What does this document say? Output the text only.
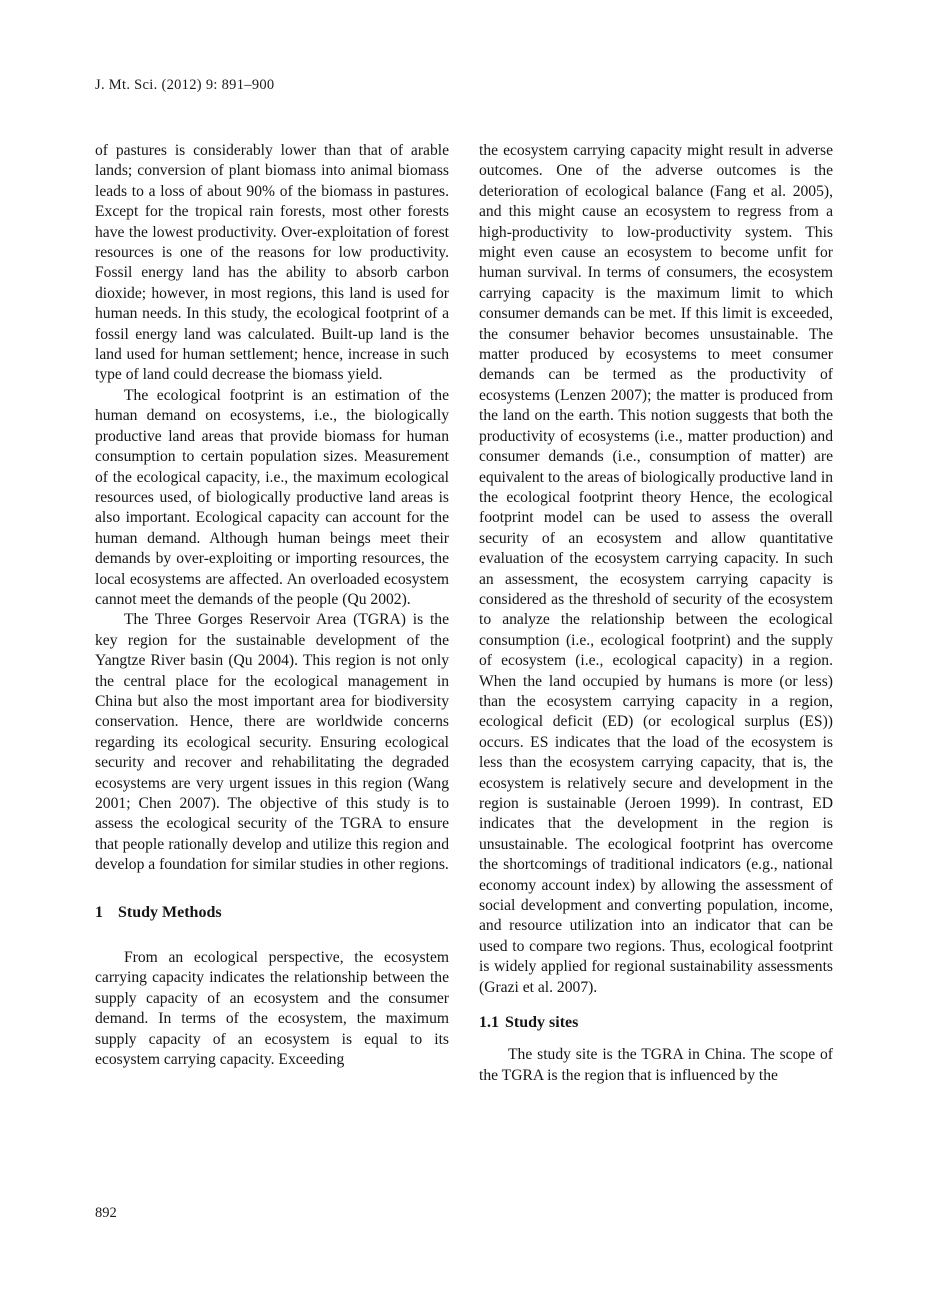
J. Mt. Sci. (2012) 9: 891–900

of pastures is considerably lower than that of arable lands; conversion of plant biomass into animal biomass leads to a loss of about 90% of the biomass in pastures. Except for the tropical rain forests, most other forests have the lowest productivity. Over-exploitation of forest resources is one of the reasons for low productivity. Fossil energy land has the ability to absorb carbon dioxide; however, in most regions, this land is used for human needs. In this study, the ecological footprint of a fossil energy land was calculated. Built-up land is the land used for human settlement; hence, increase in such type of land could decrease the biomass yield.

The ecological footprint is an estimation of the human demand on ecosystems, i.e., the biologically productive land areas that provide biomass for human consumption to certain population sizes. Measurement of the ecological capacity, i.e., the maximum ecological resources used, of biologically productive land areas is also important. Ecological capacity can account for the human demand. Although human beings meet their demands by over-exploiting or importing resources, the local ecosystems are affected. An overloaded ecosystem cannot meet the demands of the people (Qu 2002).

The Three Gorges Reservoir Area (TGRA) is the key region for the sustainable development of the Yangtze River basin (Qu 2004). This region is not only the central place for the ecological management in China but also the most important area for biodiversity conservation. Hence, there are worldwide concerns regarding its ecological security. Ensuring ecological security and recover and rehabilitating the degraded ecosystems are very urgent issues in this region (Wang 2001; Chen 2007). The objective of this study is to assess the ecological security of the TGRA to ensure that people rationally develop and utilize this region and develop a foundation for similar studies in other regions.

1 Study Methods

From an ecological perspective, the ecosystem carrying capacity indicates the relationship between the supply capacity of an ecosystem and the consumer demand. In terms of the ecosystem, the maximum supply capacity of an ecosystem is equal to its ecosystem carrying capacity. Exceeding

the ecosystem carrying capacity might result in adverse outcomes. One of the adverse outcomes is the deterioration of ecological balance (Fang et al. 2005), and this might cause an ecosystem to regress from a high-productivity to low-productivity system. This might even cause an ecosystem to become unfit for human survival. In terms of consumers, the ecosystem carrying capacity is the maximum limit to which consumer demands can be met. If this limit is exceeded, the consumer behavior becomes unsustainable. The matter produced by ecosystems to meet consumer demands can be termed as the productivity of ecosystems (Lenzen 2007); the matter is produced from the land on the earth. This notion suggests that both the productivity of ecosystems (i.e., matter production) and consumer demands (i.e., consumption of matter) are equivalent to the areas of biologically productive land in the ecological footprint theory Hence, the ecological footprint model can be used to assess the overall security of an ecosystem and allow quantitative evaluation of the ecosystem carrying capacity. In such an assessment, the ecosystem carrying capacity is considered as the threshold of security of the ecosystem to analyze the relationship between the ecological consumption (i.e., ecological footprint) and the supply of ecosystem (i.e., ecological capacity) in a region. When the land occupied by humans is more (or less) than the ecosystem carrying capacity in a region, ecological deficit (ED) (or ecological surplus (ES)) occurs. ES indicates that the load of the ecosystem is less than the ecosystem carrying capacity, that is, the ecosystem is relatively secure and development in the region is sustainable (Jeroen 1999). In contrast, ED indicates that the development in the region is unsustainable. The ecological footprint has overcome the shortcomings of traditional indicators (e.g., national economy account index) by allowing the assessment of social development and converting population, income, and resource utilization into an indicator that can be used to compare two regions. Thus, ecological footprint is widely applied for regional sustainability assessments (Grazi et al. 2007).

1.1 Study sites

The study site is the TGRA in China. The scope of the TGRA is the region that is influenced by the

892
